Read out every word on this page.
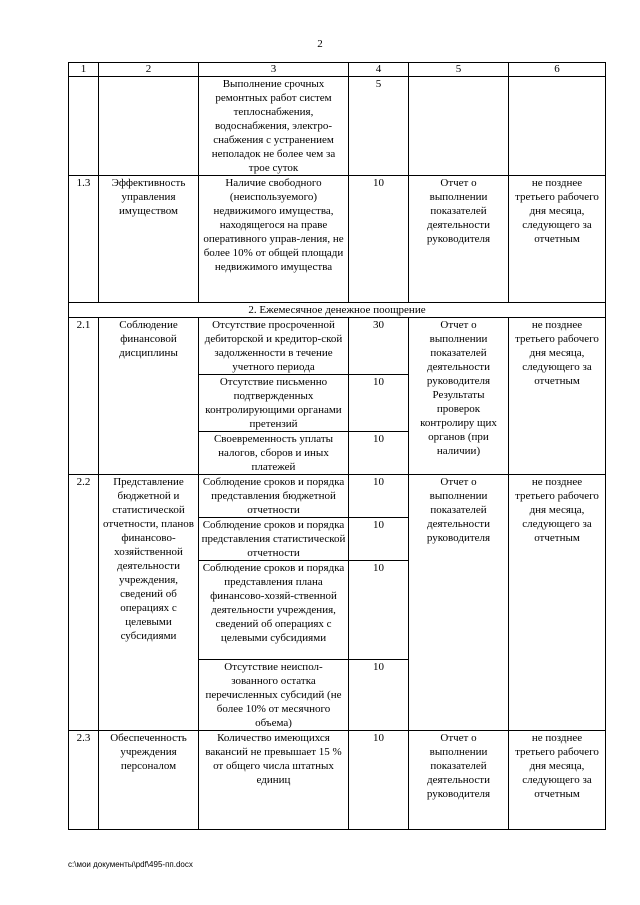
2
1	2	3	4	5	6
		Выполнение срочных ремонтных работ систем теплоснабжения, водоснабжения, электро-снабжения с устранением неполадок не более чем за трое суток	5		
1.3	Эффективность управления имуществом	Наличие свободного (неиспользуемого) недвижимого имущества, находящегося на праве оперативного управ-ления, не более 10% от общей площади недвижимого имущества	10	Отчет о выполнении показателей деятельности руководителя	не позднее третьего рабочего дня месяца, следующего за отчетным
2. Ежемесячное денежное поощрение					
2.1	Соблюдение финансовой дисциплины	Отсутствие просроченной дебиторской и кредитор-ской задолженности в течение учетного периода	30	Отчет о выполнении показателей деятельности руководителя Результаты проверок контролиру щих органов (при наличии)	не позднее третьего рабочего дня месяца, следующего за отчетным
		Отсутствие письменно подтвержденных контролирующими органами претензий	10		
		Своевременность уплаты налогов, сборов и иных платежей	10		
2.2	Представление бюджетной и статистической отчетности, планов финансово-хозяйственной деятельности учреждения, сведений об операциях с целевыми субсидиями	Соблюдение сроков и порядка представления бюджетной отчетности	10	Отчет о выполнении показателей деятельности руководителя	не позднее третьего рабочего дня месяца, следующего за отчетным
		Соблюдение сроков и порядка представления статистической отчетности	10		
		Соблюдение сроков и порядка представления плана финансово-хозяй-ственной деятельности учреждения, сведений об операциях с целевыми субсидиями	10		
		Отсутствие неиспол-зованного остатка перечисленных субсидий (не более 10% от месячного объема)	10		
2.3	Обеспеченность учреждения персоналом	Количество имеющихся вакансий не превышает 15 % от общего числа штатных единиц	10	Отчет о выполнении показателей деятельности руководителя	не позднее третьего рабочего дня месяца, следующего за отчетным
c:\мои документы\pdf\495-пп.docx
